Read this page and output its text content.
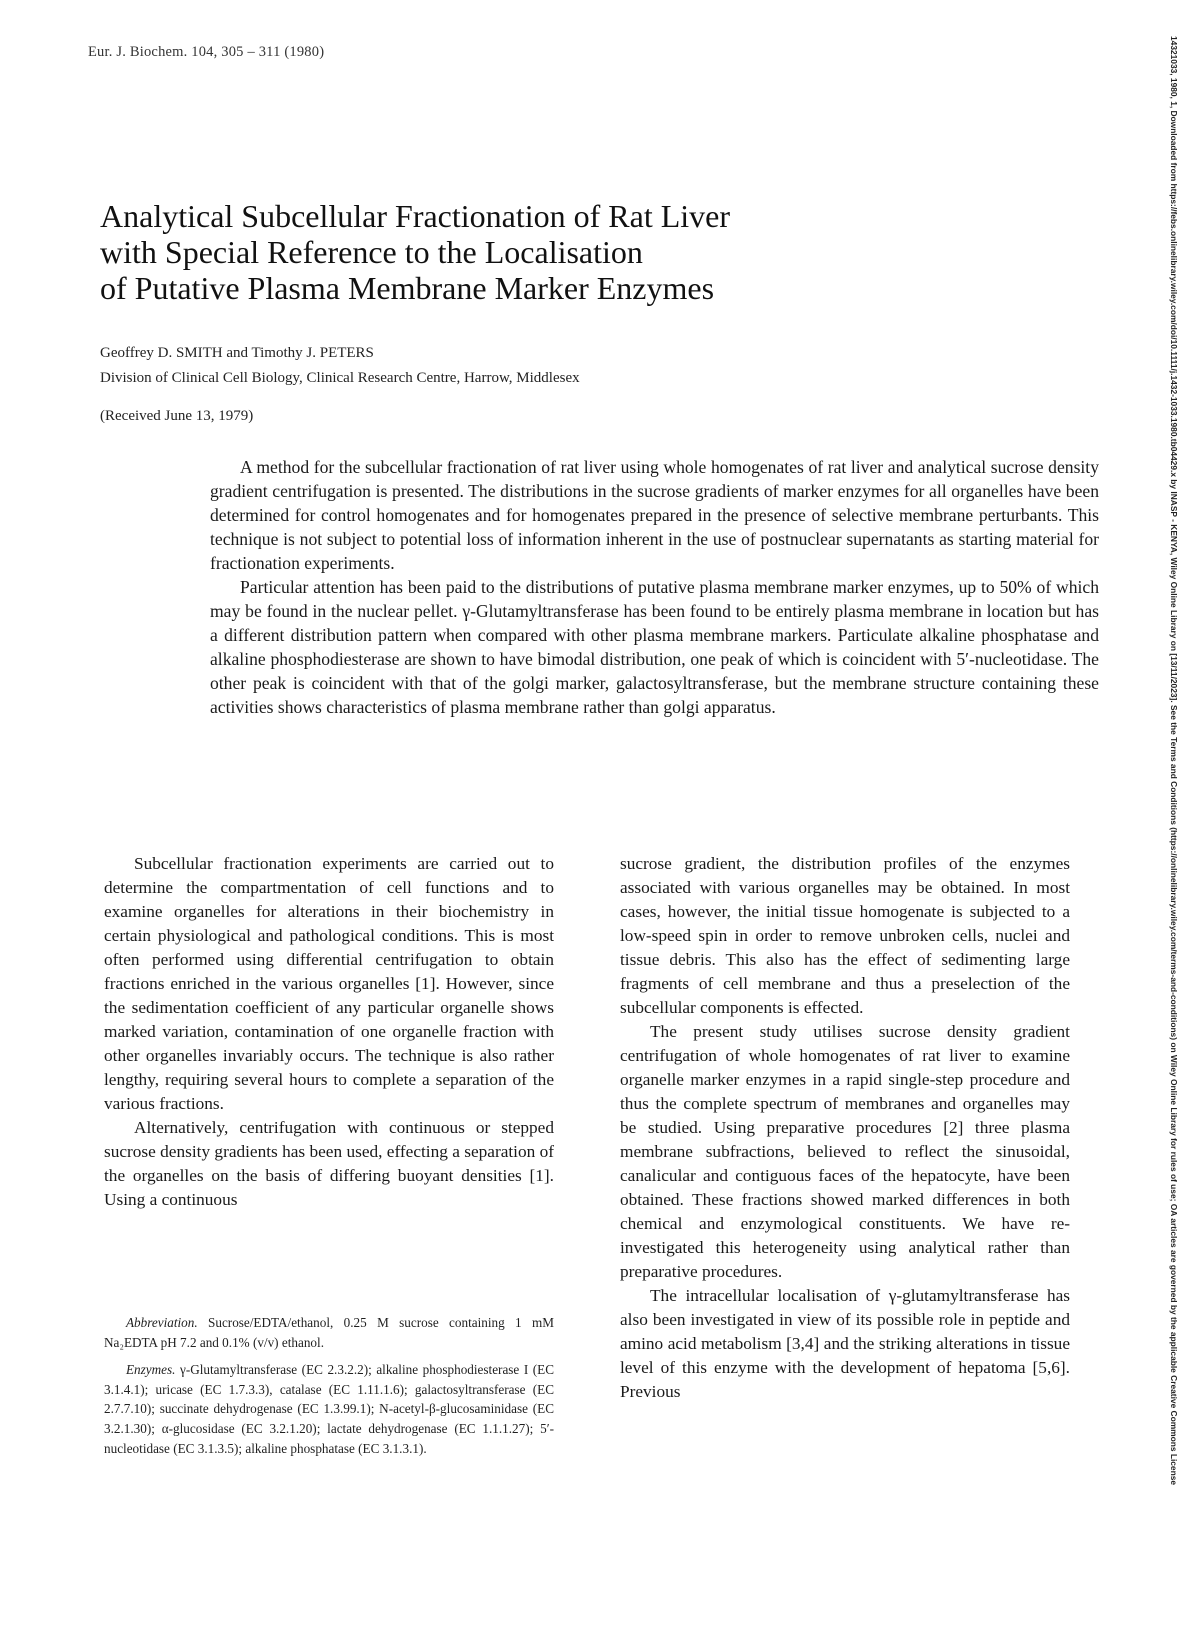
Eur. J. Biochem. 104, 305 – 311 (1980)	14321033, 1980, 1, Downloaded from https://febs.onlinelibrary.wiley.com/doi/10.1111/j.1432-1033.1980.tb04429.x by INASP - KENYA, Wiley Online Library on [13/11/2023]. See the Terms and Conditions (https://onlinelibrary.wiley.com/terms-and-conditions) on Wiley Online Library for rules of use; OA articles are governed by the applicable Creative Commons License
Analytical Subcellular Fractionation of Rat Liver
with Special Reference to the Localisation
of Putative Plasma Membrane Marker Enzymes
Geoffrey D. SMITH and Timothy J. PETERS
Division of Clinical Cell Biology, Clinical Research Centre, Harrow, Middlesex
(Received June 13, 1979)

A method for the subcellular fractionation of rat liver using whole homogenates of rat liver and analytical sucrose density gradient centrifugation is presented. The distributions in the sucrose gradients of marker enzymes for all organelles have been determined for control homogenates and for homogenates prepared in the presence of selective membrane perturbants. This technique is not subject to potential loss of information inherent in the use of postnuclear supernatants as starting material for fractionation experiments.

Particular attention has been paid to the distributions of putative plasma membrane marker enzymes, up to 50% of which may be found in the nuclear pellet. γ-Glutamyltransferase has been found to be entirely plasma membrane in location but has a different distribution pattern when compared with other plasma membrane markers. Particulate alkaline phosphatase and alkaline phosphodiesterase are shown to have bimodal distribution, one peak of which is coincident with 5′-nucleotidase. The other peak is coincident with that of the golgi marker, galactosyltransferase, but the membrane structure containing these activities shows characteristics of plasma membrane rather than golgi apparatus.

Subcellular fractionation experiments are carried out to determine the compartmentation of cell functions and to examine organelles for alterations in their biochemistry in certain physiological and pathological conditions. This is most often performed using differential centrifugation to obtain fractions enriched in the various organelles [1]. However, since the sedimentation coefficient of any particular organelle shows marked variation, contamination of one organelle fraction with other organelles invariably occurs. The technique is also rather lengthy, requiring several hours to complete a separation of the various fractions.

Alternatively, centrifugation with continuous or stepped sucrose density gradients has been used, effecting a separation of the organelles on the basis of differing buoyant densities [1]. Using a continuous

sucrose gradient, the distribution profiles of the enzymes associated with various organelles may be obtained. In most cases, however, the initial tissue homogenate is subjected to a low-speed spin in order to remove unbroken cells, nuclei and tissue debris. This also has the effect of sedimenting large fragments of cell membrane and thus a preselection of the subcellular components is effected.

The present study utilises sucrose density gradient centrifugation of whole homogenates of rat liver to examine organelle marker enzymes in a rapid single-step procedure and thus the complete spectrum of membranes and organelles may be studied. Using preparative procedures [2] three plasma membrane subfractions, believed to reflect the sinusoidal, canalicular and contiguous faces of the hepatocyte, have been obtained. These fractions showed marked differences in both chemical and enzymological constituents. We have re-investigated this heterogeneity using analytical rather than preparative procedures.

The intracellular localisation of γ-glutamyltransferase has also been investigated in view of its possible role in peptide and amino acid metabolism [3,4] and the striking alterations in tissue level of this enzyme with the development of hepatoma [5,6]. Previous

Abbreviation. Sucrose/EDTA/ethanol, 0.25 M sucrose containing 1 mM Na₂EDTA pH 7.2 and 0.1% (v/v) ethanol.

Enzymes. γ-Glutamyltransferase (EC 2.3.2.2); alkaline phosphodiesterase I (EC 3.1.4.1); uricase (EC 1.7.3.3), catalase (EC 1.11.1.6); galactosyltransferase (EC 2.7.7.10); succinate dehydrogenase (EC 1.3.99.1); N-acetyl-β-glucosaminidase (EC 3.2.1.30); α-glucosidase (EC 3.2.1.20); lactate dehydrogenase (EC 1.1.1.27); 5′-nucleotidase (EC 3.1.3.5); alkaline phosphatase (EC 3.1.3.1).
